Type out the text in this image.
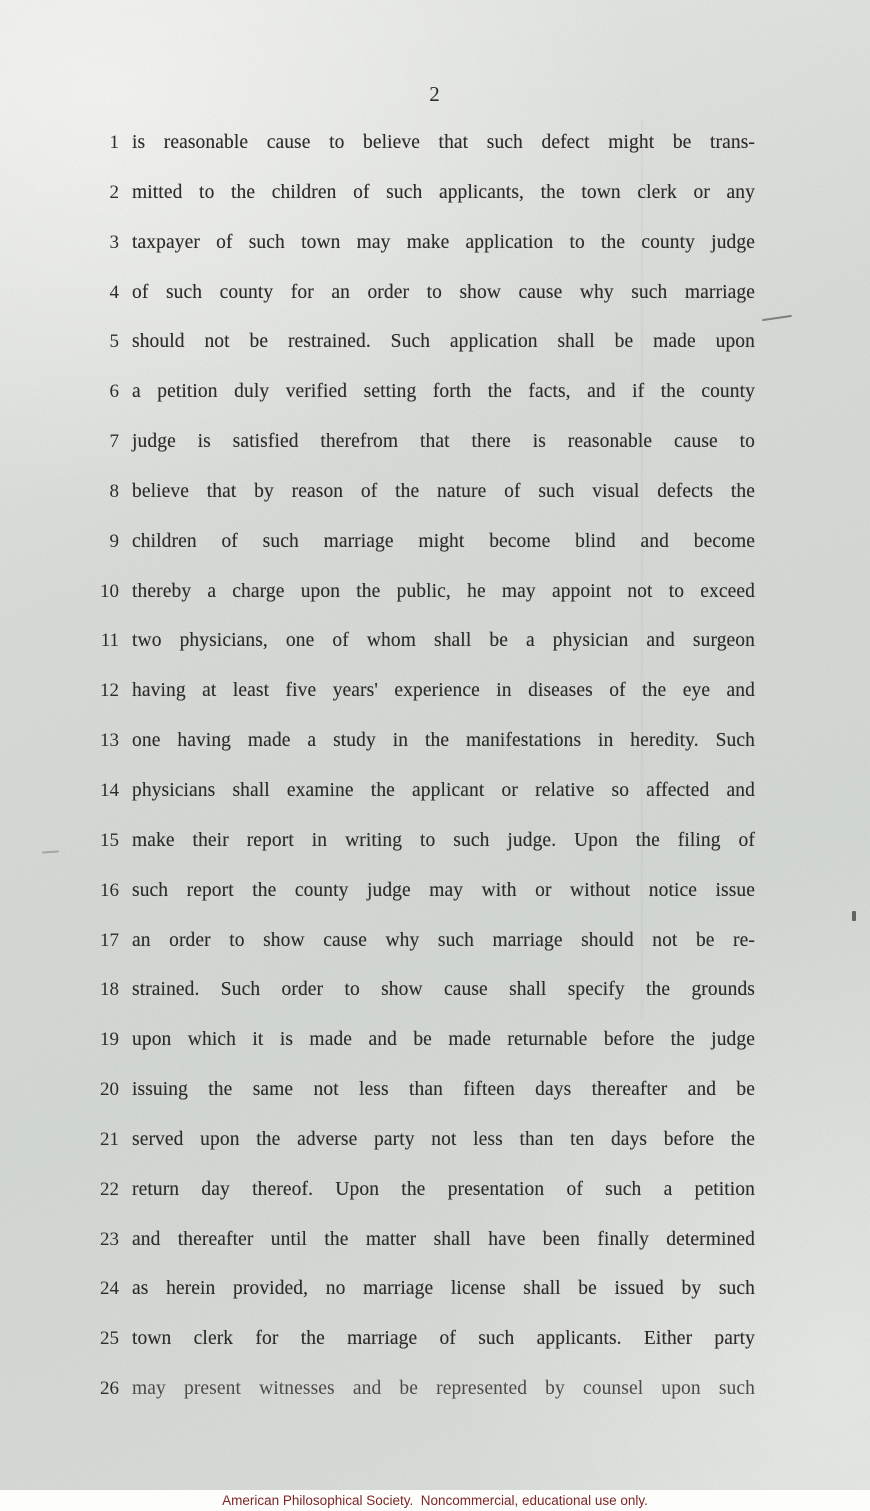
2
1 is reasonable cause to believe that such defect might be trans-
2 mitted to the children of such applicants, the town clerk or any
3 taxpayer of such town may make application to the county judge
4 of such county for an order to show cause why such marriage
5 should not be restrained. Such application shall be made upon
6 a petition duly verified setting forth the facts, and if the county
7 judge is satisfied therefrom that there is reasonable cause to
8 believe that by reason of the nature of such visual defects the
9 children of such marriage might become blind and become
10 thereby a charge upon the public, he may appoint not to exceed
11 two physicians, one of whom shall be a physician and surgeon
12 having at least five years' experience in diseases of the eye and
13 one having made a study in the manifestations in heredity. Such
14 physicians shall examine the applicant or relative so affected and
15 make their report in writing to such judge. Upon the filing of
16 such report the county judge may with or without notice issue
17 an order to show cause why such marriage should not be re-
18 strained. Such order to show cause shall specify the grounds
19 upon which it is made and be made returnable before the judge
20 issuing the same not less than fifteen days thereafter and be
21 served upon the adverse party not less than ten days before the
22 return day thereof. Upon the presentation of such a petition
23 and thereafter until the matter shall have been finally determined
24 as herein provided, no marriage license shall be issued by such
25 town clerk for the marriage of such applicants. Either party
26 may present witnesses and be represented by counsel upon such
American Philosophical Society.  Noncommercial, educational use only.
